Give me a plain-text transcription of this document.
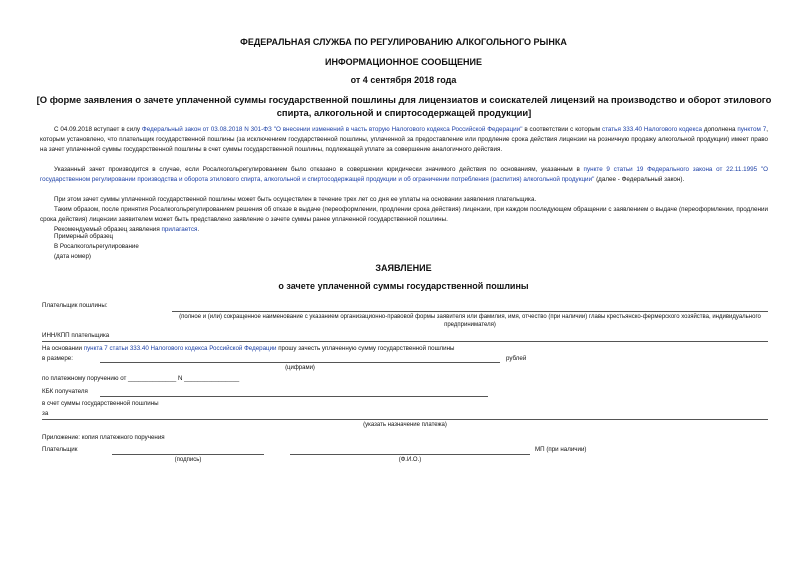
ФЕДЕРАЛЬНАЯ СЛУЖБА ПО РЕГУЛИРОВАНИЮ АЛКОГОЛЬНОГО РЫНКА
ИНФОРМАЦИОННОЕ СООБЩЕНИЕ
от 4 сентября 2018 года
[О форме заявления о зачете уплаченной суммы государственной пошлины для лицензиатов и соискателей лицензий на производство и оборот этилового спирта, алкогольной и спиртосодержащей продукции]
С 04.09.2018 вступает в силу Федеральный закон от 03.08.2018 N 301-ФЗ "О внесении изменений в часть вторую Налогового кодекса Российской Федерации" в соответствии с которым статья 333.40 Налогового кодекса дополнена пунктом 7, которым установлено, что плательщик государственной пошлины (за исключением государственной пошлины, уплаченной за предоставление или продление срока действия лицензии на розничную продажу алкогольной продукции) имеет право на зачет уплаченной суммы государственной пошлины в счет суммы государственной пошлины, подлежащей уплате за совершение аналогичного действия.
Указанный зачет производится в случае, если Росалкогольрегулированием было отказано в совершении юридически значимого действия по основаниям, указанным в пункте 9 статьи 19 Федерального закона от 22.11.1995 "О государственном регулировании производства и оборота этилового спирта, алкогольной и спиртосодержащей продукции и об ограничении потребления (распития) алкогольной продукции" (далее - Федеральный закон).
При этом зачет суммы уплаченной государственной пошлины может быть осуществлен в течение трех лет со дня ее уплаты на основании заявления плательщика.
Таким образом, после принятия Росалкогольрегулированием решения об отказе в выдаче (переоформлении, продлении срока действия) лицензии, при каждом последующем обращении с заявлением о выдаче (переоформлении, продлении срока действия) лицензии заявителем может быть представлено заявление о зачете суммы ранее уплаченной государственной пошлины.
Рекомендуемый образец заявления прилагается.
Примерный образец
В Росалкогольрегулирование
(дата номер)
ЗАЯВЛЕНИЕ
о зачете уплаченной суммы государственной пошлины
Плательщик пошлины:
(полное и (или) сокращенное наименование с указанием организационно-правовой формы заявителя или фамилия, имя, отчество (при наличии) главы крестьянско-фермерского хозяйства, индивидуального предпринимателя)
ИНН/КПП плательщика
На основании пункта 7 статьи 333.40 Налогового кодекса Российской Федерации прошу зачесть уплаченную сумму государственной пошлины
в размере:	рублей
(цифрами)
по платежному поручению от ______________ N ________________
КБК получателя
в счет суммы государственной пошлины
за
(указать назначение платежа)
Приложение: копия платежного поручения
Плательщик	МП (при наличии)
(подпись)	(Ф.И.О.)
